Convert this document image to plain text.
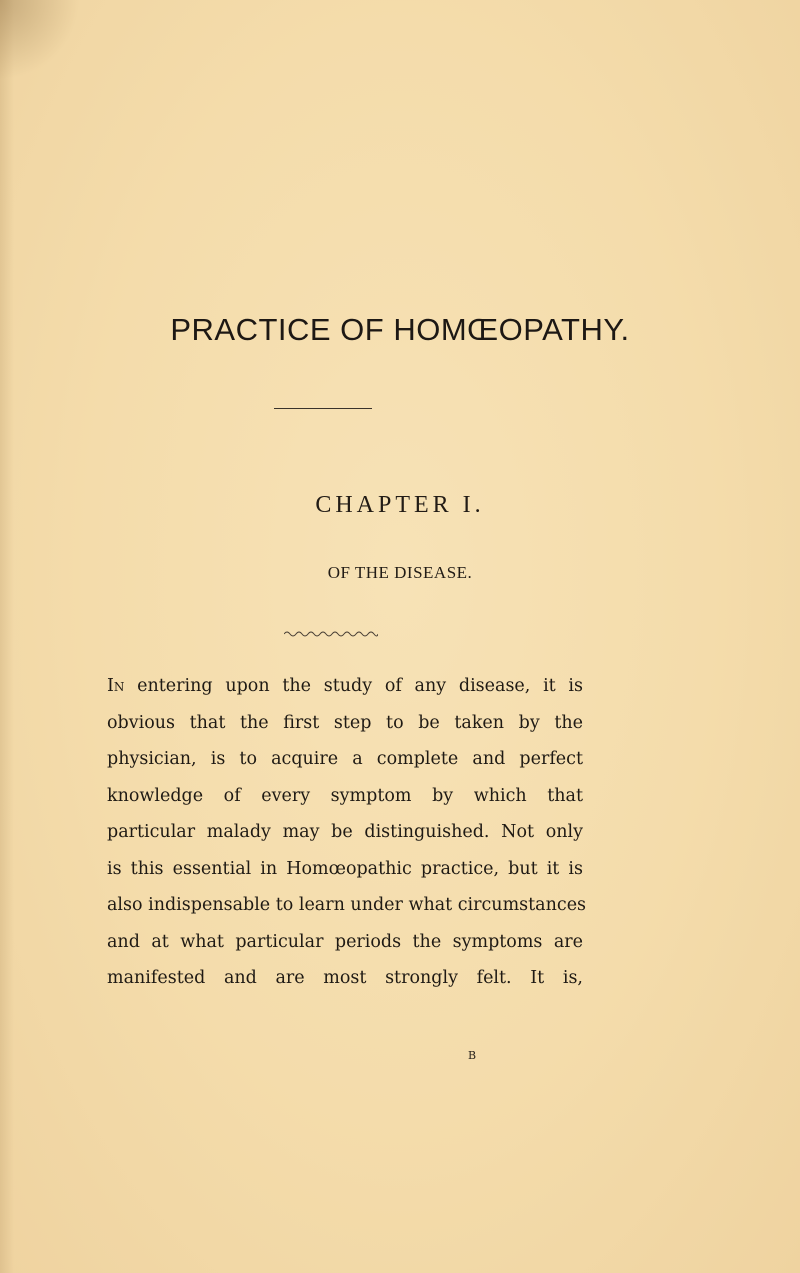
PRACTICE OF HOMŒOPATHY.
CHAPTER I.
OF THE DISEASE.
In entering upon the study of any disease, it is
obvious that the first step to be taken by the
physician, is to acquire a complete and perfect
knowledge of every symptom by which that
particular malady may be distinguished. Not only
is this essential in Homœopathic practice, but it is
also indispensable to learn under what circumstances
and at what particular periods the symptoms are
manifested and are most strongly felt. It is,

B
